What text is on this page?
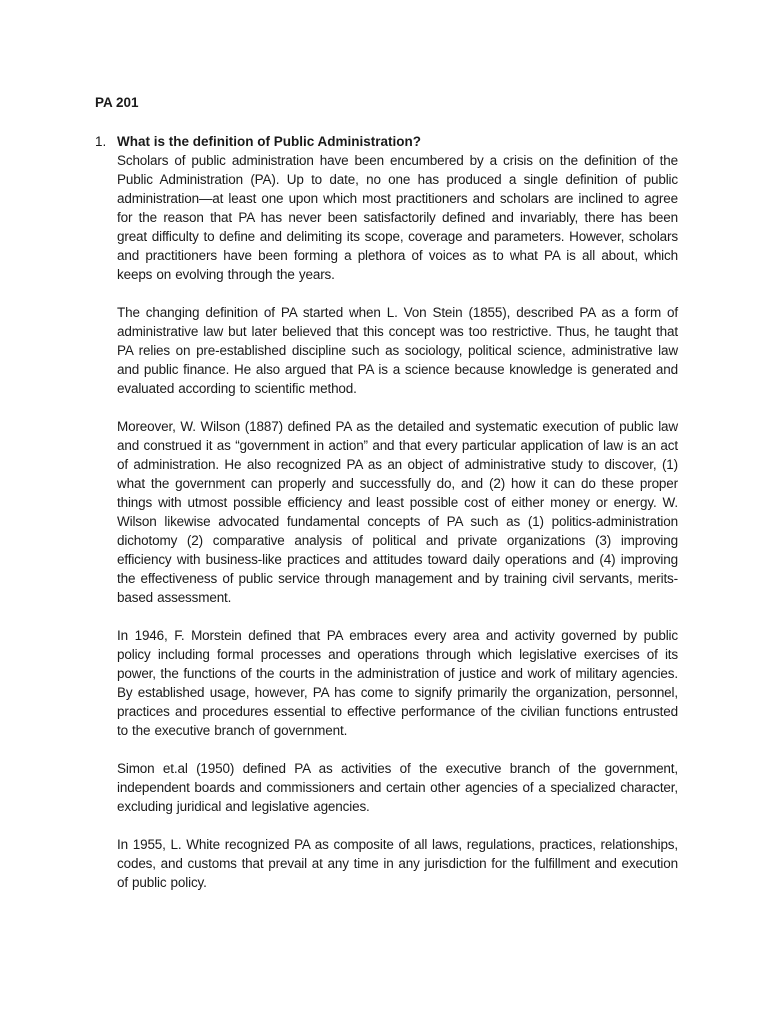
PA 201

1. What is the definition of Public Administration?

Scholars of public administration have been encumbered by a crisis on the definition of the Public Administration (PA). Up to date, no one has produced a single definition of public administration—at least one upon which most practitioners and scholars are inclined to agree for the reason that PA has never been satisfactorily defined and invariably, there has been great difficulty to define and delimiting its scope, coverage and parameters. However, scholars and practitioners have been forming a plethora of voices as to what PA is all about, which keeps on evolving through the years.

The changing definition of PA started when L. Von Stein (1855), described PA as a form of administrative law but later believed that this concept was too restrictive. Thus, he taught that PA relies on pre-established discipline such as sociology, political science, administrative law and public finance. He also argued that PA is a science because knowledge is generated and evaluated according to scientific method.

Moreover, W. Wilson (1887) defined PA as the detailed and systematic execution of public law and construed it as “government in action” and that every particular application of law is an act of administration. He also recognized PA as an object of administrative study to discover, (1) what the government can properly and successfully do, and (2) how it can do these proper things with utmost possible efficiency and least possible cost of either money or energy. W. Wilson likewise advocated fundamental concepts of PA such as (1) politics-administration dichotomy (2) comparative analysis of political and private organizations (3) improving efficiency with business-like practices and attitudes toward daily operations and (4) improving the effectiveness of public service through management and by training civil servants, merits-based assessment.

In 1946, F. Morstein defined that PA embraces every area and activity governed by public policy including formal processes and operations through which legislative exercises of its power, the functions of the courts in the administration of justice and work of military agencies. By established usage, however, PA has come to signify primarily the organization, personnel, practices and procedures essential to effective performance of the civilian functions entrusted to the executive branch of government.

Simon et.al (1950) defined PA as activities of the executive branch of the government, independent boards and commissioners and certain other agencies of a specialized character, excluding juridical and legislative agencies.

In 1955, L. White recognized PA as composite of all laws, regulations, practices, relationships, codes, and customs that prevail at any time in any jurisdiction for the fulfillment and execution of public policy.
